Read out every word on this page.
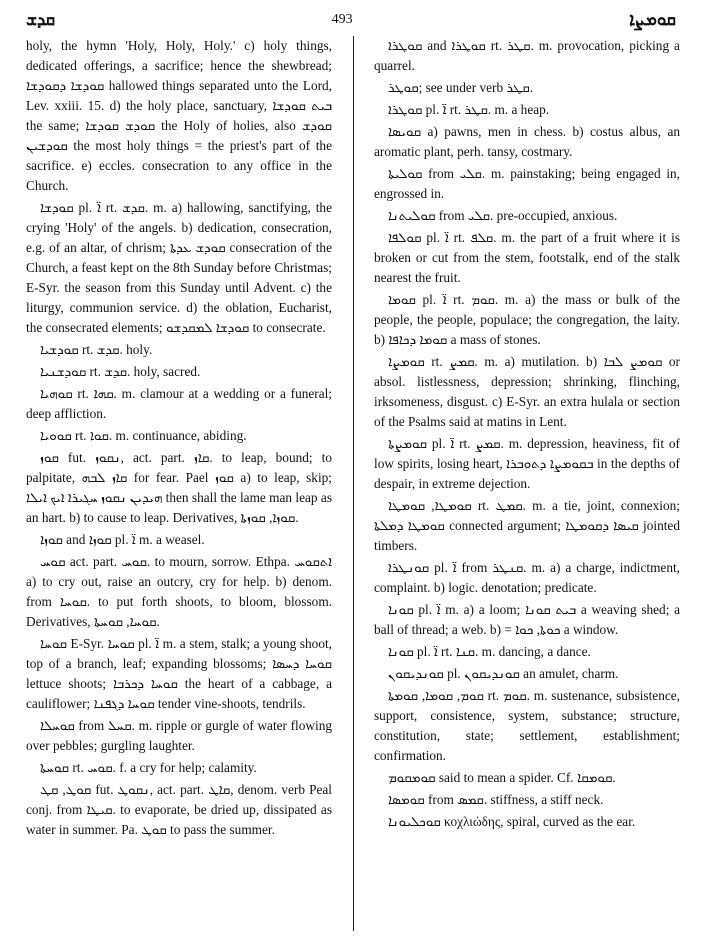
ܩܕܫ	493	ܩܘܡܨܐ

holy, the hymn 'Holy, Holy, Holy.' c) holy things, dedicated offerings, a sacrifice; hence the shewbread; ܩܘܕܫܐ ܕܩܘܕܫܐ hallowed things separated unto the Lord, Lev. xxiii. 15. d) the holy place, sanctuary, ܒܝܬ ܩܘܕܫܐ the same; ܩܘܕܫ ܩܘܕܫܐ the Holy of holies, also ܩܘܕܫ ܩܘܕܫܝܢ the most holy things = the priest's part of the sacrifice. e) eccles. consecration to any office in the Church.

ܩܘܕܫܐ pl. ܐ̈ rt. ܩܕܫ. m. a) hallowing, sanctifying, the crying 'Holy' of the angels. b) dedication, consecration, e.g. of an altar, of chrism; ܩܘܕܫ ܥܕܬܐ consecration of the Church, a feast kept on the 8th Sunday before Christmas; E-Syr. the season from this Sunday until Advent. c) the liturgy, communion service. d) the oblation, Eucharist, the consecrated elements; ܩܘܕܫܐ ܠܡܩܕܫܘ to consecrate.

ܩܘܕܫܝܐ rt. ܩܕܫ. holy.

ܩܘܕܫܢܝܐ rt. ܩܕܫ. holy, sacred.

ܩܘܗܝܐ rt. ܩܗܐ. m. clamour at a wedding or a funeral; deep affliction.

ܩܘܘܝܐ rt. ܩܘܐ. m. continuance, abiding.

ܩܘܙ fut. ܢܩܘܙ, act. part. ܩܐܙ. to leap, bound; to palpitate, ܩܐܙ ܠܒܗ for fear. Pael ܩܘܙ a) to leap, skip; ܗܝܕܝܢ ܢܩܘܙ ܚܓܝܪܐ ܐܝܟ ܐܝܠܐ then shall the lame man leap as an hart. b) to cause to leap. Derivatives, ܩܘܙܐ, ܩܘܙܬܐ.

ܩܘܙܐ and ܩܘܙܐ pl. ܐ̈ m. a weasel.

ܩܘܚ act. part. ܩܘܚ. to mourn, sorrow. Ethpa. ܐܬܩܘܚ a) to cry out, raise an outcry, cry for help. b) denom. from ܩܘܚܐ. to put forth shoots, to bloom, blossom. Derivatives, ܩܘܚܐ, ܩܘܚܬܐ.

ܩܘܚܐ E-Syr. ܩܘܚܐ pl. ܐ̈ m. a stem, stalk; a young shoot, top of a branch, leaf; expanding blossoms; ܩܘܚܐ ܕܚܣܐ lettuce shoots; ܩܘܚܐ ܕܟܪܒܐ the heart of a cabbage, a cauliflower; ܩܘܚܐ ܕܓܦܢܐ tender vine-shoots, tendrils.

ܩܘܚܠܐ from ܩܚܠ. m. ripple or gurgle of water flowing over pebbles; gurgling laughter.

ܩܘܚܬܐ rt. ܩܘܚ. f. a cry for help; calamity.

ܩܘܛ, ܩܛ fut. ܢܩܘܛ, act. part. ܩܐܛ, denom. verb Peal conj. from ܩܝܛܐ. to evaporate, be dried up, dissipated as water in summer. Pa. ܩܘܛ to pass the summer.

ܩܘܛܪܐ and ܩܘܛܪܐ rt. ܩܛܪ. m. provocation, picking a quarrel.

ܩܘܛܪ; see under verb ܩܛܪ.

ܩܘܛܪܐ pl. ܐ̈ rt. ܩܛܪ. m. a heap.

ܩܘܝܣܐ a) pawns, men in chess. b) costus albus, an aromatic plant, perh. tansy, costmary.

ܩܘܠܝܬܐ from ܩܠܝ. m. painstaking; being engaged in, engrossed in.

ܩܘܠܝܬܢܐ from ܩܠܝ. pre-occupied, anxious.

ܩܘܠܦܐ pl. ܐ̈ rt. ܩܠܦ. m. the part of a fruit where it is broken or cut from the stem, footstalk, end of the stalk nearest the fruit.

ܩܘܡܐ pl. ܐ̈ rt. ܩܘܡ. m. a) the mass or bulk of the people, the people, populace; the congregation, the laity. b) ܩܘܡܐ ܕܟܐܦܐ a mass of stones.

ܩܘܡܨܐ rt. ܩܡܨ. m. a) mutilation. b) ܩܘܡܨ ܠܒܐ or absol. listlessness, depression; shrinking, flinching, irksomeness, disgust. c) E-Syr. an extra hulala or section of the Psalms said at matins in Lent.

ܩܘܡܨܬܐ pl. ܐ̈ rt. ܩܡܨ. m. depression, heaviness, fit of low spirits, losing heart, ܒܩܘܡܨܐ ܕܬܘܒܪܐ in the depths of despair, in extreme dejection.

ܩܘܡܛܐ, ܩܘܡܛܐ rt. ܩܡܛ. m. a tie, joint, connexion; ܩܘܡܛܐ ܕܡܠܬܐ connected argument; ܩܝܣܐ ܕܩܘܡܛܐ jointed timbers.

ܩܘܢܛܪܐ pl. ܐ̈ from ܩܢܛܪ. m. a) a charge, indictment, complaint. b) logic. denotation; predicate.

ܩܘܢܐ pl. ܐ̈ m. a) a loom; ܒܝܬ ܩܘܢܐ a weaving shed; a ball of thread; a web. b) = ܟܘܬܐ, ܟܘܐ a window.

ܩܘܢܐ pl. ܐ̈ rt. ܩܢܐ. m. dancing, a dance.

ܩܘܢܕܝܩܘܢ pl. ܩܘܢܕܝܩܘܢ an amulet, charm.

ܩܘܡ, ܩܘܡܐ, ܩܘܡܬܐ rt. ܩܘܡ. m. sustenance, subsistence, support, consistence, system, substance; structure, constitution, state; settlement, establishment; confirmation.

ܩܘܡܩܘܡ said to mean a spider. Cf. ܩܘܡܩܐ.

ܩܘܡܣܐ from ܩܡܣ. stiffness, a stiff neck.

ܩܘܟܠܝܘܢܐ κοχλιώδης, spiral, curved as the ear.
